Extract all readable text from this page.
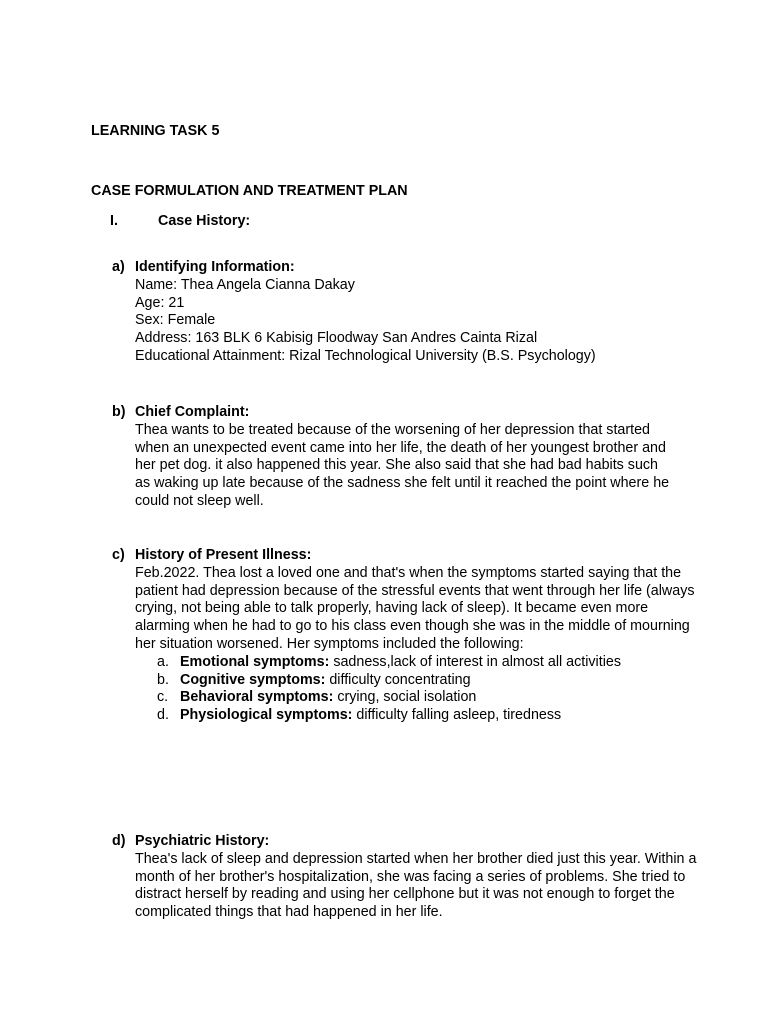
LEARNING TASK 5
CASE FORMULATION AND TREATMENT PLAN
I.	Case History:
a) Identifying Information:
Name: Thea Angela Cianna Dakay
Age: 21
Sex: Female
Address: 163 BLK 6 Kabisig Floodway San Andres Cainta Rizal
Educational Attainment: Rizal Technological University (B.S. Psychology)
b) Chief Complaint:

Thea wants to be treated because of the worsening of her depression that started when an unexpected event came into her life, the death of her youngest brother and her pet dog. it also happened this year. She also said that she had bad habits such as waking up late because of the sadness she felt until it reached the point where he could not sleep well.

c) History of Present Illness:

Feb.2022. Thea lost a loved one and that's when the symptoms started saying that the patient had depression because of the stressful events that went through her life (always crying, not being able to talk properly, having lack of sleep). It became even more alarming when he had to go to his class even though she was in the middle of mourning her situation worsened. Her symptoms included the following:

a. Emotional symptoms: sadness,lack of interest in almost all activities
b. Cognitive symptoms: difficulty concentrating
c. Behavioral symptoms: crying, social isolation
d. Physiological symptoms: difficulty falling asleep, tiredness
d) Psychiatric History:

Thea's lack of sleep and depression started when her brother died just this year. Within a month of her brother's hospitalization, she was facing a series of problems. She tried to distract herself by reading and using her cellphone but it was not enough to forget the complicated things that had happened in her life.
